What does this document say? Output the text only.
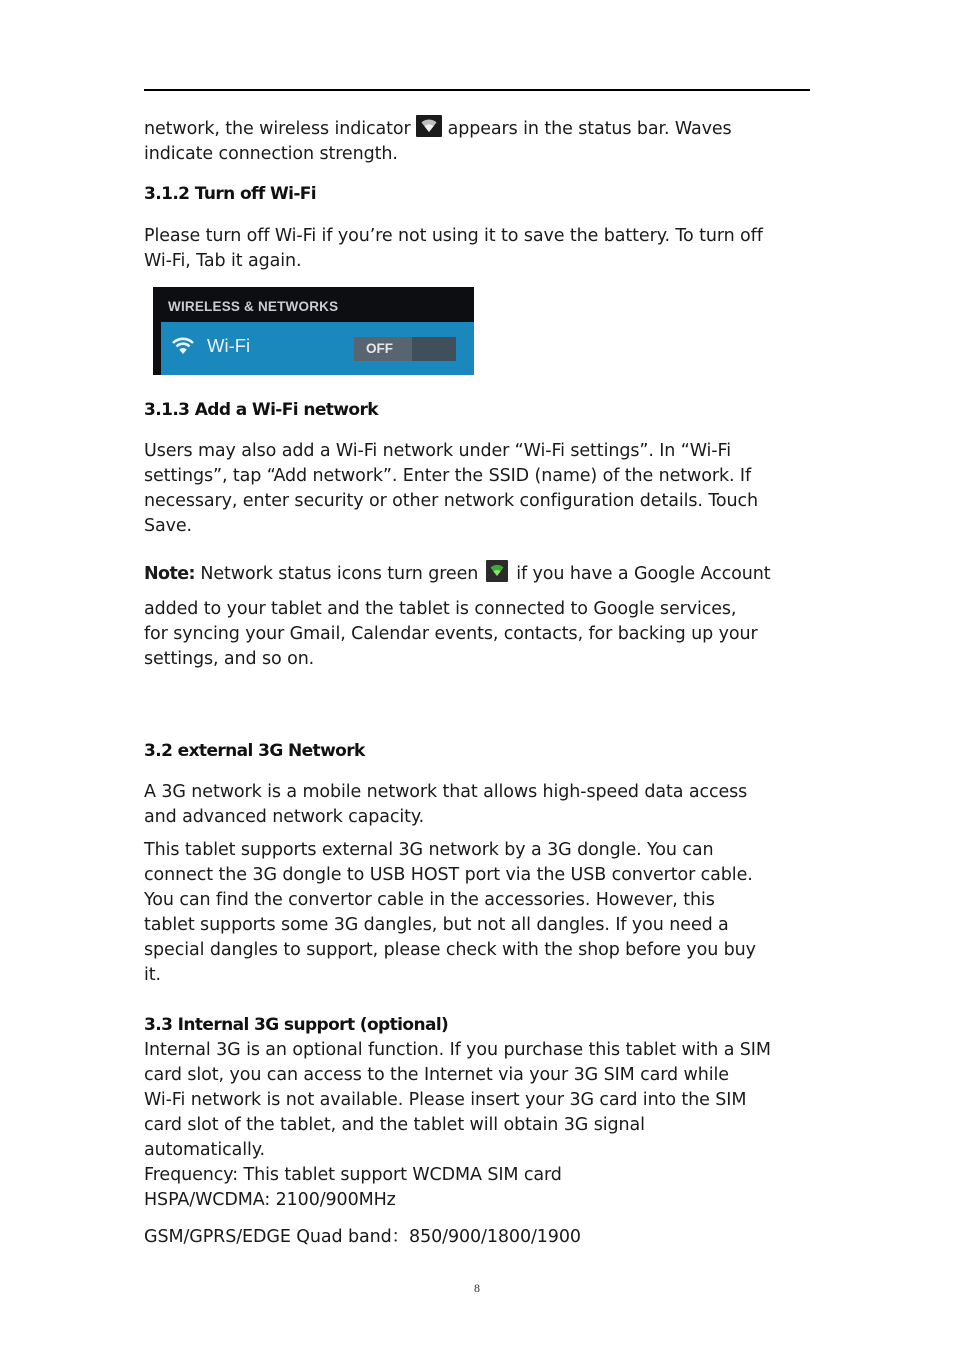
network, the wireless indicator appears in the status bar. Waves
indicate connection strength.
3.1.2 Turn off Wi-Fi
Please turn off Wi-Fi if you’re not using it to save the battery. To turn off
Wi-Fi, Tab it again.
WIRELESS & NETWORKS
Wi-Fi	OFF
3.1.3 Add a Wi-Fi network
Users may also add a Wi-Fi network under “Wi-Fi settings”. In “Wi-Fi
settings”, tap “Add network”. Enter the SSID (name) of the network. If
necessary, enter security or other network configuration details. Touch
Save.
Note: Network status icons turn green if you have a Google Account
added to your tablet and the tablet is connected to Google services,
for syncing your Gmail, Calendar events, contacts, for backing up your
settings, and so on.
3.2 external 3G Network
A 3G network is a mobile network that allows high-speed data access
and advanced network capacity.
This tablet supports external 3G network by a 3G dongle. You can
connect the 3G dongle to USB HOST port via the USB convertor cable.
You can find the convertor cable in the accessories. However, this
tablet supports some 3G dangles, but not all dangles. If you need a
special dangles to support, please check with the shop before you buy
it.
3.3 Internal 3G support (optional)
Internal 3G is an optional function. If you purchase this tablet with a SIM
card slot, you can access to the Internet via your 3G SIM card while
Wi-Fi network is not available. Please insert your 3G card into the SIM
card slot of the tablet, and the tablet will obtain 3G signal
automatically.
Frequency: This tablet support WCDMA SIM card
HSPA/WCDMA: 2100/900MHz
GSM/GPRS/EDGE Quad band：850/900/1800/1900
8
